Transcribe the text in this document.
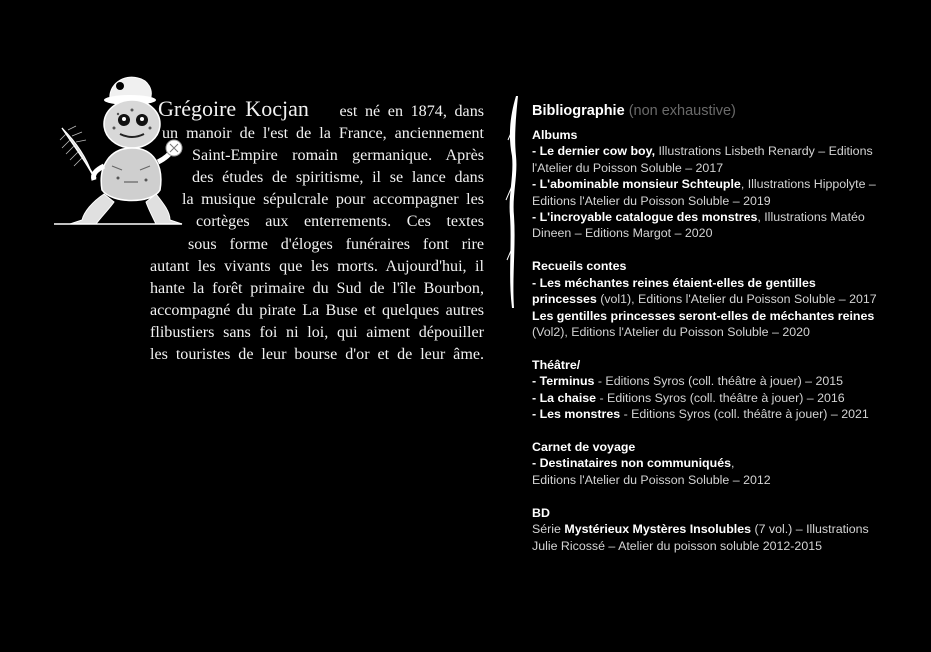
Grégoire Kocjan est né en 1874, dans
un manoir de l'est de la France, anciennement
Saint-Empire romain germanique. Après
des études de spiritisme, il se lance dans
la musique sépulcrale pour accompagner les
cortèges aux enterrements. Ces textes
sous forme d'éloges funéraires font rire
autant les vivants que les morts. Aujourd'hui, il
hante la forêt primaire du Sud de l'île Bourbon,
accompagné du pirate La Buse et quelques autres
flibustiers sans foi ni loi, qui aiment dépouiller
les touristes de leur bourse d'or et de leur âme.
Bibliographie (non exhaustive)
Albums
- Le dernier cow boy, Illustrations Lisbeth Renardy – Editions l'Atelier du Poisson Soluble – 2017
- L'abominable monsieur Schteuple, Illustrations Hippolyte – Editions l'Atelier du Poisson Soluble – 2019
- L'incroyable catalogue des monstres, Illustrations Matéo Dineen – Editions Margot – 2020
Recueils contes
- Les méchantes reines étaient-elles de gentilles princesses (vol1), Editions l'Atelier du Poisson Soluble – 2017
Les gentilles princesses seront-elles de méchantes reines (Vol2), Editions l'Atelier du Poisson Soluble – 2020
Théâtre/
- Terminus - Editions Syros (coll. théâtre à jouer) – 2015
- La chaise - Editions Syros (coll. théâtre à jouer) – 2016
- Les monstres - Editions Syros (coll. théâtre à jouer) – 2021
Carnet de voyage
- Destinataires non communiqués,
Editions l'Atelier du Poisson Soluble – 2012
BD
Série Mystérieux Mystères Insolubles (7 vol.) – Illustrations Julie Ricossé – Atelier du poisson soluble 2012-2015
